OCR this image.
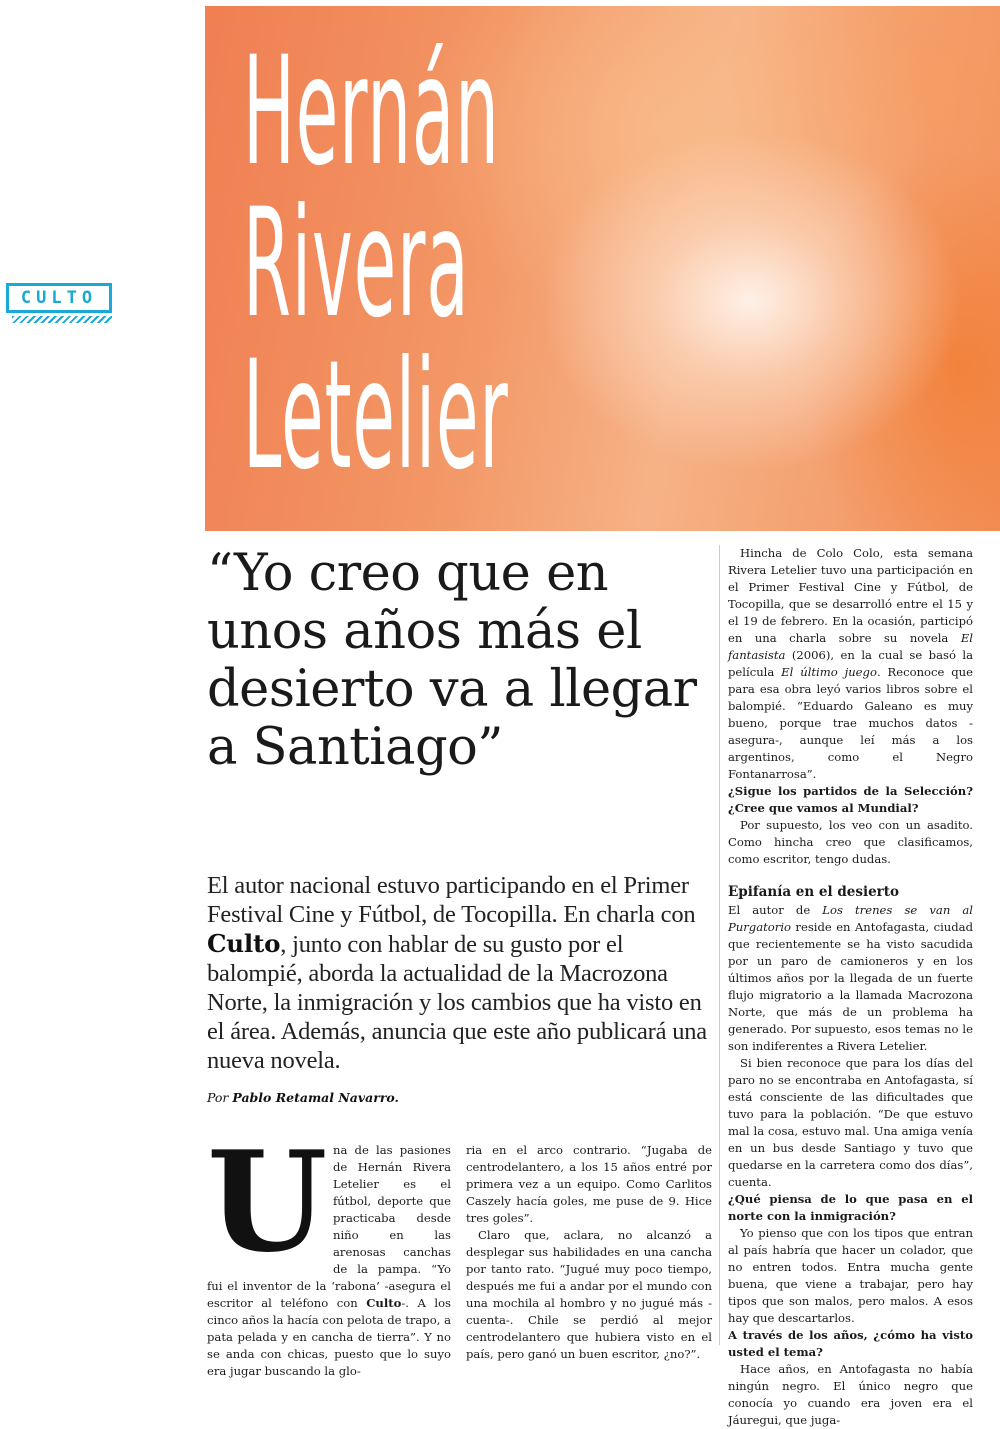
CULTO
Hernán
Rivera
Letelier
“Yo creo que en unos años más el desierto va a llegar a Santiago”
El autor nacional estuvo participando en el Primer Festival Cine y Fútbol, de Tocopilla. En charla con Culto, junto con hablar de su gusto por el balompié, aborda la actualidad de la Macrozona Norte, la inmigración y los cambios que ha visto en el área. Además, anuncia que este año publicará una nueva novela.
Por Pablo Retamal Navarro.
U na de las pasiones de Hernán Rivera Letelier es el fútbol, deporte que practicaba desde niño en las arenosas canchas de la pampa. “Yo fui el inventor de la ‘rabona’ -asegura el escritor al teléfono con Culto-. A los cinco años la hacía con pelota de trapo, a pata pelada y en cancha de tierra”. Y no se anda con chicas, puesto que lo suyo era jugar buscando la glo-

ria en el arco contrario. “Jugaba de centrodelantero, a los 15 años entré por primera vez a un equipo. Como Carlitos Caszely hacía goles, me puse de 9. Hice tres goles”.

Claro que, aclara, no alcanzó a desplegar sus habilidades en una cancha por tanto rato. “Jugué muy poco tiempo, después me fui a andar por el mundo con una mochila al hombro y no jugué más -cuenta-. Chile se perdió al mejor centrodelantero que hubiera visto en el país, pero ganó un buen escritor, ¿no?”.

Hincha de Colo Colo, esta semana Rivera Letelier tuvo una participación en el Primer Festival Cine y Fútbol, de Tocopilla, que se desarrolló entre el 15 y el 19 de febrero. En la ocasión, participó en una charla sobre su novela El fantasista (2006), en la cual se basó la película El último juego. Reconoce que para esa obra leyó varios libros sobre el balompié. “Eduardo Galeano es muy bueno, porque trae muchos datos -asegura-, aunque leí más a los argentinos, como el Negro Fontanarrosa”.

¿Sigue los partidos de la Selección? ¿Cree que vamos al Mundial?

Por supuesto, los veo con un asadito. Como hincha creo que clasificamos, como escritor, tengo dudas.

Epifanía en el desierto

El autor de Los trenes se van al Purgatorio reside en Antofagasta, ciudad que recientemente se ha visto sacudida por un paro de camioneros y en los últimos años por la llegada de un fuerte flujo migratorio a la llamada Macrozona Norte, que más de un problema ha generado. Por supuesto, esos temas no le son indiferentes a Rivera Letelier.

Si bien reconoce que para los días del paro no se encontraba en Antofagasta, sí está consciente de las dificultades que tuvo para la población. “De que estuvo mal la cosa, estuvo mal. Una amiga venía en un bus desde Santiago y tuvo que quedarse en la carretera como dos días”, cuenta.

¿Qué piensa de lo que pasa en el norte con la inmigración?

Yo pienso que con los tipos que entran al país habría que hacer un colador, que no entren todos. Entra mucha gente buena, que viene a trabajar, pero hay tipos que son malos, pero malos. A esos hay que descartarlos.

A través de los años, ¿cómo ha visto usted el tema?

Hace años, en Antofagasta no había ningún negro. El único negro que conocía yo cuando era joven era el Jáuregui, que juga-
